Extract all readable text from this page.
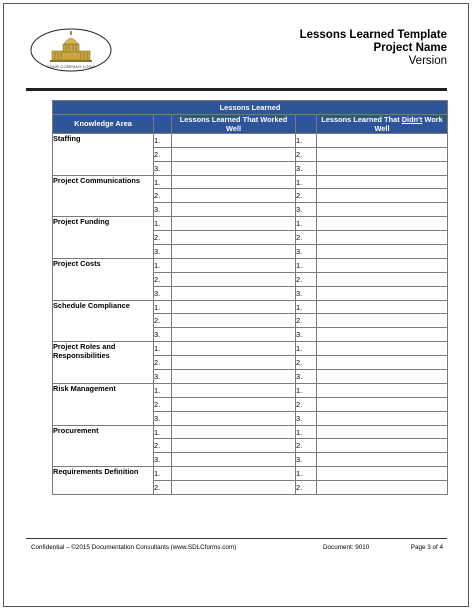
YOUR COMPANY LOGO
Lessons Learned Template
Project Name
Version
Lessons Learned				
Knowledge Area		Lessons Learned That Worked Well		Lessons Learned That Didn't Work Well
Staffing	1.		1.	
	2.		2.	
	3.		3.	
Project Communications	1.		1.	
	2.		2.	
	3.		3.	
Project Funding	1.		1.	
	2.		2.	
	3.		3.	
Project Costs	1.		1.	
	2.		2.	
	3.		3.	
Schedule Compliance	1.		1.	
	2.		2.	
	3.		3.	
Project Roles and Responsibilities	1.		1.	
	2.		2.	
	3.		3.	
Risk Management	1.		1.	
	2.		2.	
	3.		3.	
Procurement	1.		1.	
	2.		2.	
	3.		3.	
Requirements Definition	1.		1.	
	2.		2.	
Confidential – ©2015 Documentation Consultants (www.SDLCforms.com)	Document: 9010	Page 3 of 4
